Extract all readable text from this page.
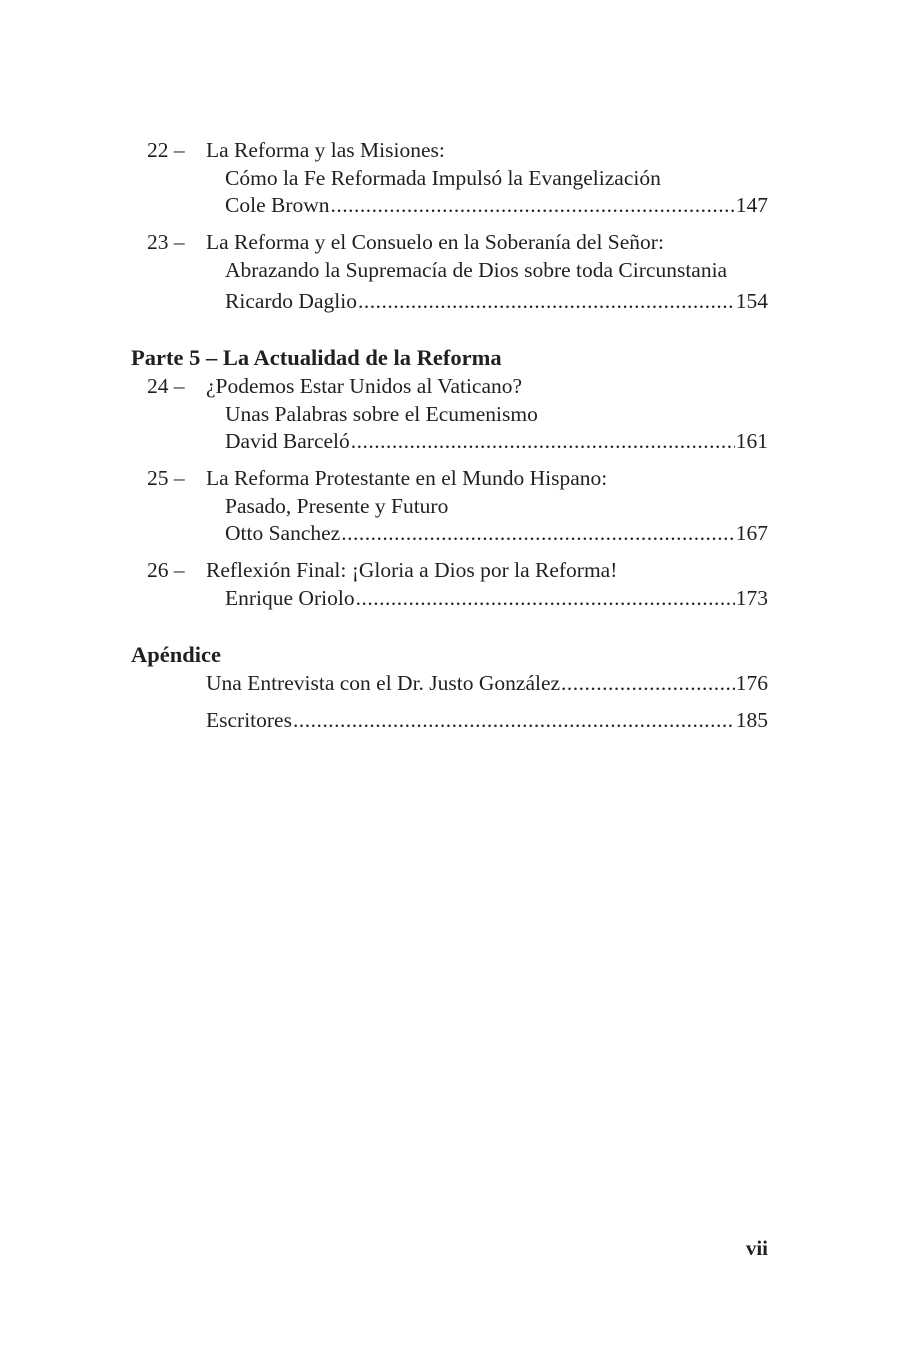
22 – La Reforma y las Misiones:
Cómo la Fe Reformada Impulsó la Evangelización
Cole Brown .....	147
23 – La Reforma y el Consuelo en la Soberanía del Señor:
Abrazando la Supremacía de Dios sobre toda Circunstania
Ricardo Daglio .....	154
Parte 5 – La Actualidad de la Reforma
24 – ¿Podemos Estar Unidos al Vaticano?
Unas Palabras sobre el Ecumenismo
David Barceló .....	161
25 – La Reforma Protestante en el Mundo Hispano:
Pasado, Presente y Futuro
Otto Sanchez .....	167
26 – Reflexión Final: ¡Gloria a Dios por la Reforma!
Enrique Oriolo .....	173
Apéndice
Una Entrevista con el Dr. Justo González .....	176
Escritores .....	185
vii
